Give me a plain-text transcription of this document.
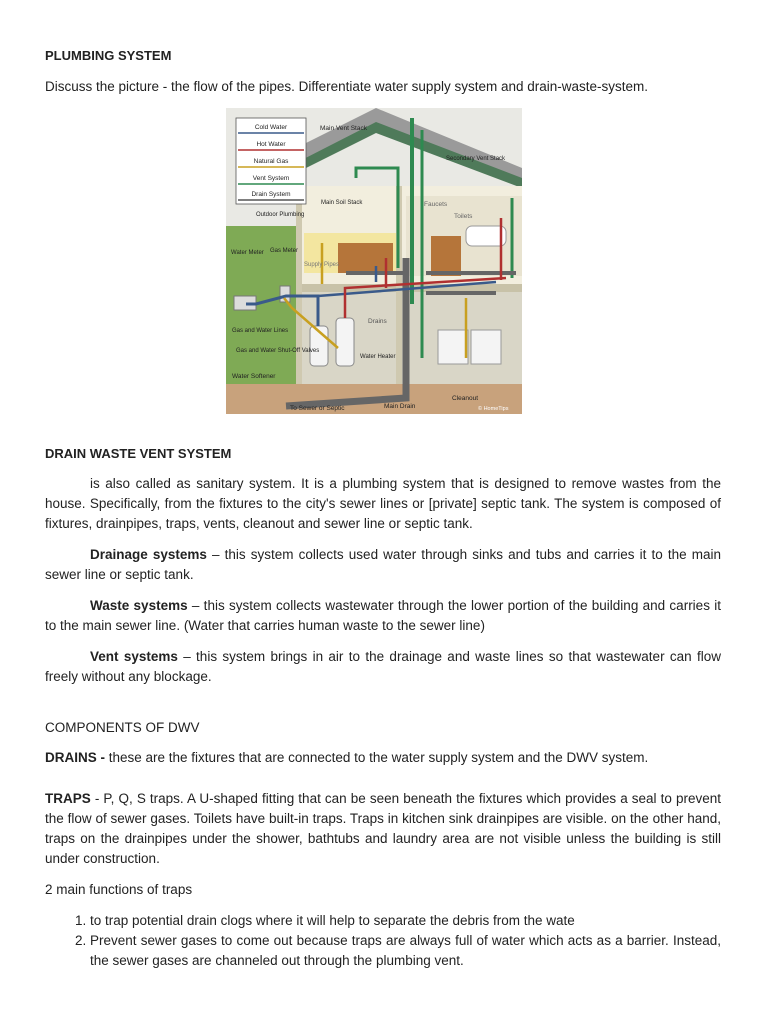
PLUMBING SYSTEM
Discuss the picture - the flow of the pipes. Differentiate water supply system and drain-waste-system.
Cold Water
Hot Water
Natural Gas
Vent System
Drain System
Main Vent Stack
Secondary Vent Stack
Outdoor Plumbing
Main Soil Stack	Faucets
Toilets
Water Meter Gas Meter
Supply Pipes
Drains
Gas and Water Lines
Gas and Water Shut-Off Valves
Water Heater
Water Softener
Cleanout
To Sewer or Septic	Main Drain	© HomeTips
DRAIN WASTE VENT SYSTEM

is also called as sanitary system. It is a plumbing system that is designed to remove wastes from the house. Specifically, from the fixtures to the city's sewer lines or [private] septic tank. The system is composed of fixtures, drainpipes, traps, vents, cleanout and sewer line or septic tank.

Drainage systems – this system collects used water through sinks and tubs and carries it to the main sewer line or septic tank.

Waste systems – this system collects wastewater through the lower portion of the building and carries it to the main sewer line. (Water that carries human waste to the sewer line)

Vent systems – this system brings in air to the drainage and waste lines so that wastewater can flow freely without any blockage.

COMPONENTS OF DWV

DRAINS - these are the fixtures that are connected to the water supply system and the DWV system.

TRAPS - P, Q, S traps. A U-shaped fitting that can be seen beneath the fixtures which provides a seal to prevent the flow of sewer gases. Toilets have built-in traps. Traps in kitchen sink drainpipes are visible. on the other hand, traps on the drainpipes under the shower, bathtubs and laundry area are not visible unless the building is still under construction.

2 main functions of traps

1. to trap potential drain clogs where it will help to separate the debris from the wate
2. Prevent sewer gases to come out because traps are always full of water which acts as a barrier. Instead, the sewer gases are channeled out through the plumbing vent.
